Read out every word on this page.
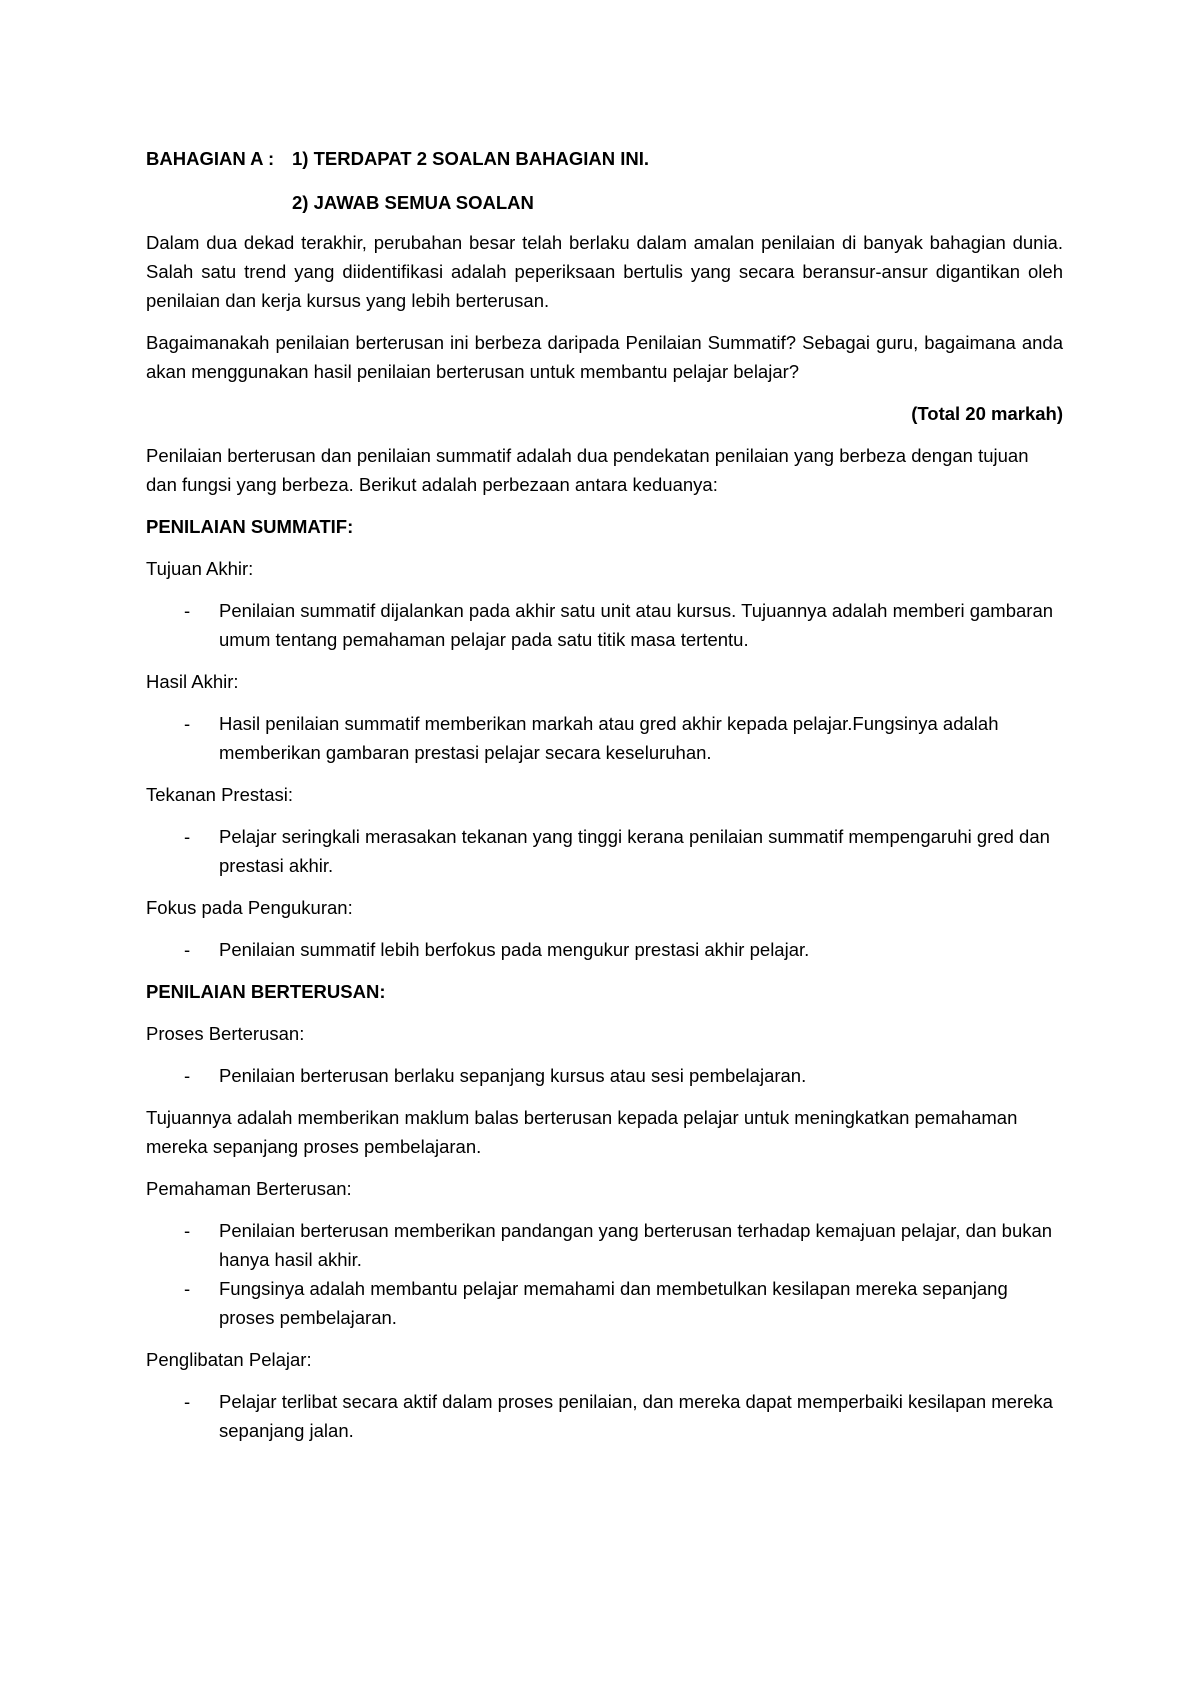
BAHAGIAN A : 1) TERDAPAT 2 SOALAN BAHAGIAN INI.
2) JAWAB SEMUA SOALAN

Dalam dua dekad terakhir, perubahan besar telah berlaku dalam amalan penilaian di banyak bahagian dunia. Salah satu trend yang diidentifikasi adalah peperiksaan bertulis yang secara beransur-ansur digantikan oleh penilaian dan kerja kursus yang lebih berterusan.

Bagaimanakah penilaian berterusan ini berbeza daripada Penilaian Summatif? Sebagai guru, bagaimana anda akan menggunakan hasil penilaian berterusan untuk membantu pelajar belajar?

(Total 20 markah)

Penilaian berterusan dan penilaian summatif adalah dua pendekatan penilaian yang berbeza dengan tujuan dan fungsi yang berbeza. Berikut adalah perbezaan antara keduanya:

PENILAIAN SUMMATIF:
Tujuan Akhir:
- Penilaian summatif dijalankan pada akhir satu unit atau kursus. Tujuannya adalah memberi gambaran umum tentang pemahaman pelajar pada satu titik masa tertentu.
Hasil Akhir:
- Hasil penilaian summatif memberikan markah atau gred akhir kepada pelajar.Fungsinya adalah memberikan gambaran prestasi pelajar secara keseluruhan.
Tekanan Prestasi:
- Pelajar seringkali merasakan tekanan yang tinggi kerana penilaian summatif mempengaruhi gred dan prestasi akhir.
Fokus pada Pengukuran:
- Penilaian summatif lebih berfokus pada mengukur prestasi akhir pelajar.
PENILAIAN BERTERUSAN:
Proses Berterusan:
- Penilaian berterusan berlaku sepanjang kursus atau sesi pembelajaran.

Tujuannya adalah memberikan maklum balas berterusan kepada pelajar untuk meningkatkan pemahaman mereka sepanjang proses pembelajaran.

Pemahaman Berterusan:
- Penilaian berterusan memberikan pandangan yang berterusan terhadap kemajuan pelajar, dan bukan hanya hasil akhir.
- Fungsinya adalah membantu pelajar memahami dan membetulkan kesilapan mereka sepanjang proses pembelajaran.
Penglibatan Pelajar:
- Pelajar terlibat secara aktif dalam proses penilaian, dan mereka dapat memperbaiki kesilapan mereka sepanjang jalan.
